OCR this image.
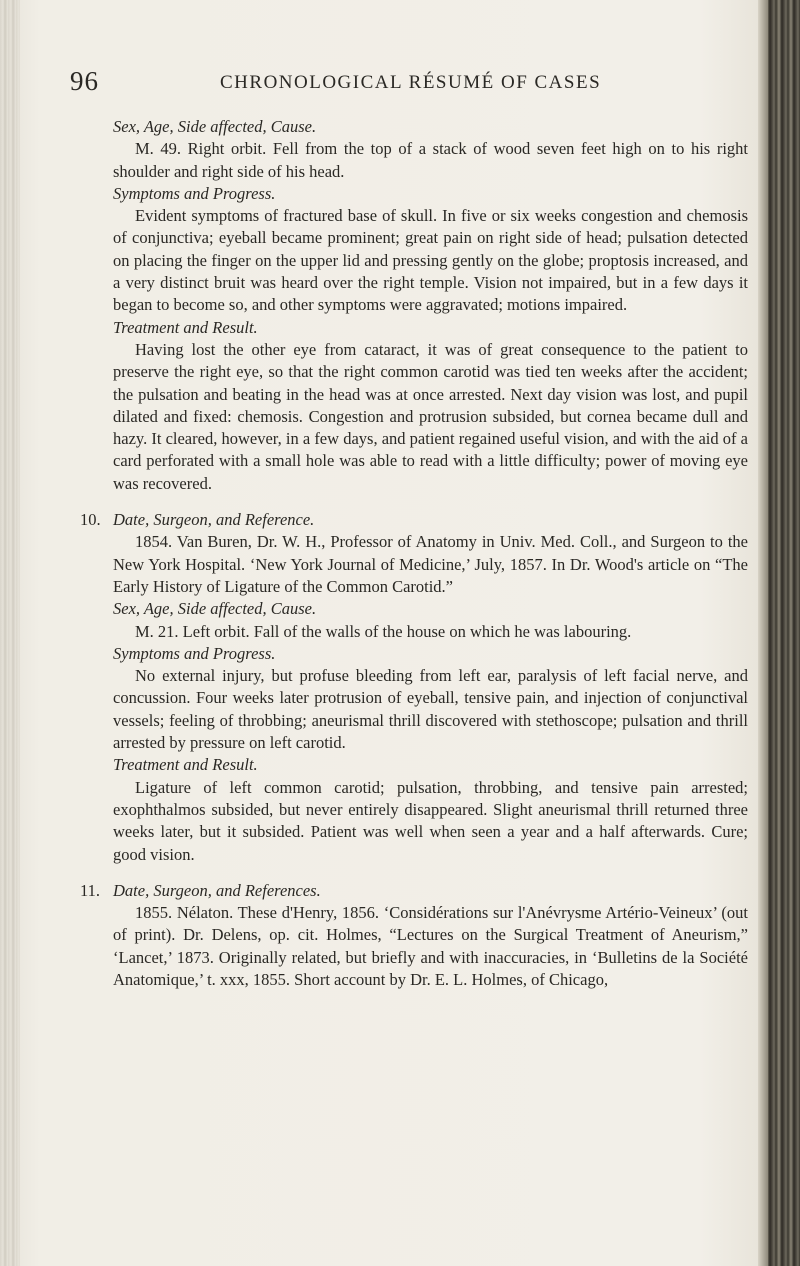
96	CHRONOLOGICAL RÉSUMÉ OF CASES

Sex, Age, Side affected, Cause.

M. 49. Right orbit. Fell from the top of a stack of wood seven feet high on to his right shoulder and right side of his head.

Symptoms and Progress.

Evident symptoms of fractured base of skull. In five or six weeks congestion and chemosis of conjunctiva; eyeball became prominent; great pain on right side of head; pulsation detected on placing the finger on the upper lid and pressing gently on the globe; proptosis increased, and a very distinct bruit was heard over the right temple. Vision not impaired, but in a few days it began to become so, and other symptoms were aggravated; motions impaired.

Treatment and Result.

Having lost the other eye from cataract, it was of great consequence to the patient to preserve the right eye, so that the right common carotid was tied ten weeks after the accident; the pulsation and beating in the head was at once arrested. Next day vision was lost, and pupil dilated and fixed: chemosis. Congestion and protrusion subsided, but cornea became dull and hazy. It cleared, however, in a few days, and patient regained useful vision, and with the aid of a card perforated with a small hole was able to read with a little difficulty; power of moving eye was recovered.

10. Date, Surgeon, and Reference.

1854. Van Buren, Dr. W. H., Professor of Anatomy in Univ. Med. Coll., and Surgeon to the New York Hospital. ‘New York Journal of Medicine,’ July, 1857. In Dr. Wood's article on “The Early History of Ligature of the Common Carotid.”

Sex, Age, Side affected, Cause.

M. 21. Left orbit. Fall of the walls of the house on which he was labouring.

Symptoms and Progress.

No external injury, but profuse bleeding from left ear, paralysis of left facial nerve, and concussion. Four weeks later protrusion of eyeball, tensive pain, and injection of conjunctival vessels; feeling of throbbing; aneurismal thrill discovered with stethoscope; pulsation and thrill arrested by pressure on left carotid.

Treatment and Result.

Ligature of left common carotid; pulsation, throbbing, and tensive pain arrested; exophthalmos subsided, but never entirely disappeared. Slight aneurismal thrill returned three weeks later, but it subsided. Patient was well when seen a year and a half afterwards. Cure; good vision.

11. Date, Surgeon, and References.

1855. Nélaton. These d'Henry, 1856. ‘Considérations sur l'Anévrysme Artério-Veineux’ (out of print). Dr. Delens, op. cit. Holmes, “Lectures on the Surgical Treatment of Aneurism,” ‘Lancet,’ 1873. Originally related, but briefly and with inaccuracies, in ‘Bulletins de la Société Anatomique,’ t. xxx, 1855. Short account by Dr. E. L. Holmes, of Chicago,
